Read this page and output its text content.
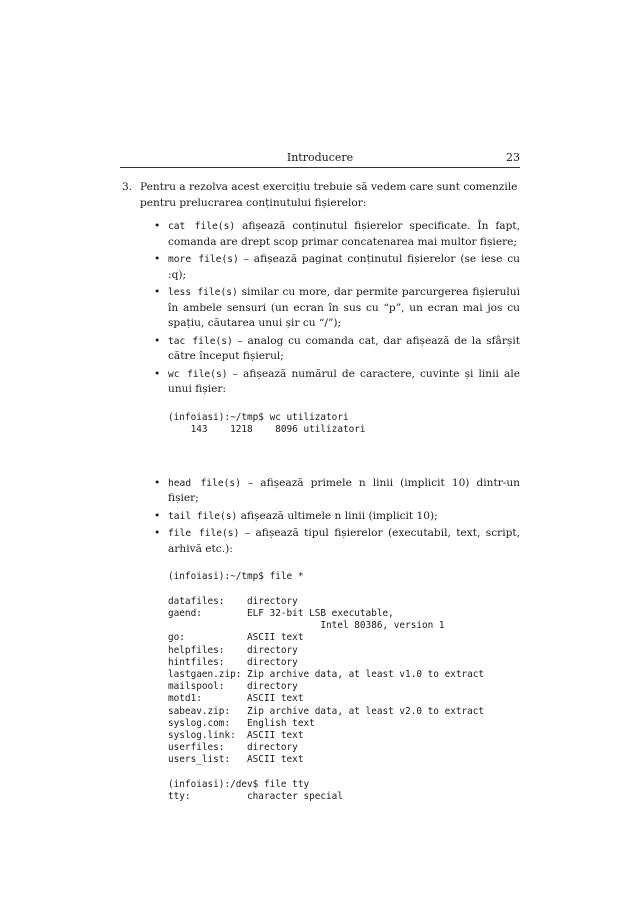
Introducere	23

3. Pentru a rezolva acest exercițiu trebuie să vedem care sunt comenzile
pentru prelucrarea conținutului fișierelor:

• cat file(s) afișează conținutul fișierelor specificate. În fapt, comanda are drept scop primar concatenarea mai multor fișiere;
• more file(s) – afișează paginat conținutul fișierelor (se iese cu :q);
• less file(s) similar cu more, dar permite parcurgerea fișierului în ambele sensuri (un ecran în sus cu “p”, un ecran mai jos cu spațiu, căutarea unui șir cu “/”);
• tac file(s) – analog cu comanda cat, dar afișează de la sfârșit către început fișierul;
• wc file(s) – afișează numărul de caractere, cuvinte și linii ale unui fișier:
(infoiasi):~/tmp$ wc utilizatori
143    1218    8096 utilizatori
• head file(s) – afișează primele n linii (implicit 10) dintr-un fișier;
• tail file(s) afișează ultimele n linii (implicit 10);
• file file(s) – afișează tipul fișierelor (executabil, text, script, arhivă etc.):
(infoiasi):~/tmp$ file *

datafiles:    directory
gaend:        ELF 32-bit LSB executable,
Intel 80386, version 1
go:           ASCII text
helpfiles:    directory
hintfiles:    directory
lastgaen.zip: Zip archive data, at least v1.0 to extract
mailspool:    directory
motd1:        ASCII text
sabeav.zip:   Zip archive data, at least v2.0 to extract
syslog.com:   English text
syslog.link:  ASCII text
userfiles:    directory
users_list:   ASCII text

(infoiasi):/dev$ file tty
tty:          character special
